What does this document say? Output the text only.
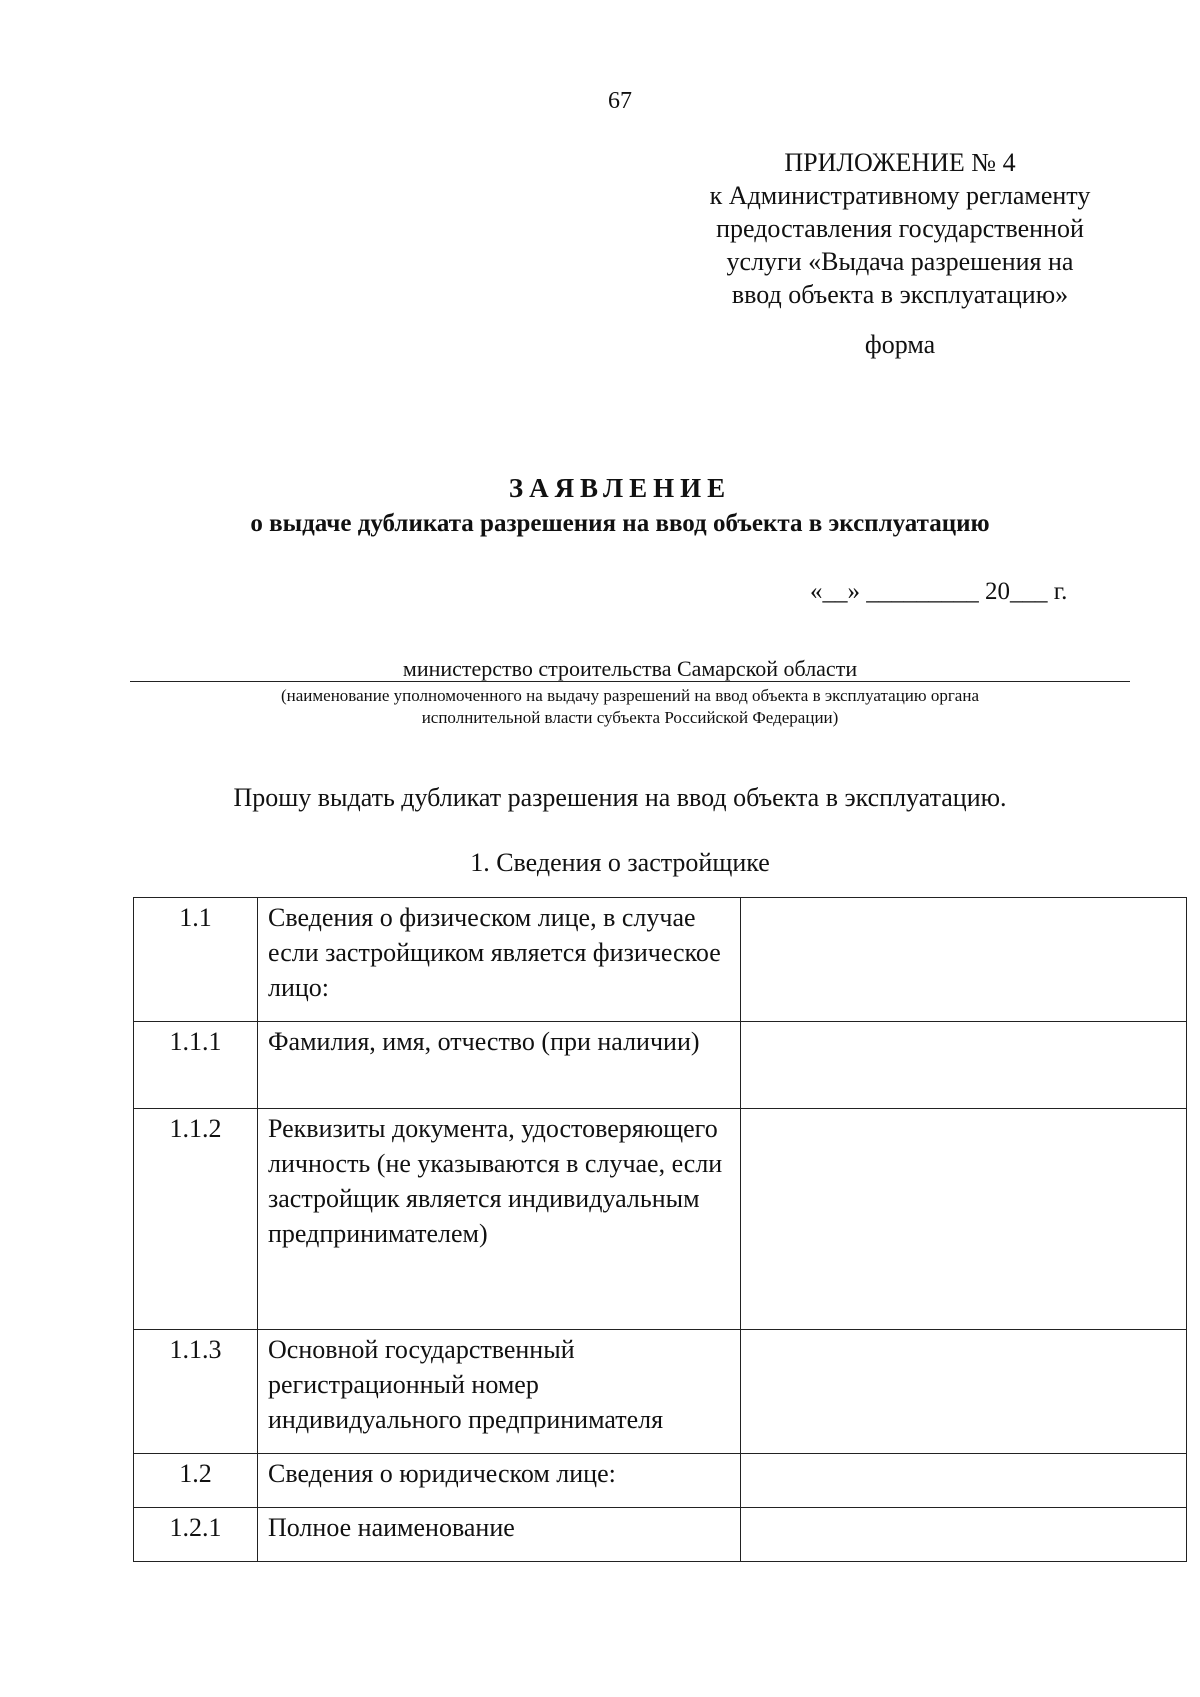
67
ПРИЛОЖЕНИЕ № 4
к Административному регламенту
предоставления государственной
услуги «Выдача разрешения на
ввод объекта в эксплуатацию»
форма
ЗАЯВЛЕНИЕ
о выдаче дубликата разрешения на ввод объекта в эксплуатацию
«__» _________ 20___ г.
министерство строительства Самарской области
(наименование уполномоченного на выдачу разрешений на ввод объекта в эксплуатацию органа
исполнительной власти субъекта Российской Федерации)
Прошу выдать дубликат разрешения на ввод объекта в эксплуатацию.
1. Сведения о застройщике
1.1	Сведения о физическом лице, в случае если застройщиком является физическое лицо:	
1.1.1	Фамилия, имя, отчество (при наличии)	
1.1.2	Реквизиты документа, удостоверяющего личность (не указываются в случае, если застройщик является индивидуальным предпринимателем)	
1.1.3	Основной государственный регистрационный номер индивидуального предпринимателя	
1.2	Сведения о юридическом лице:	
1.2.1	Полное наименование	
